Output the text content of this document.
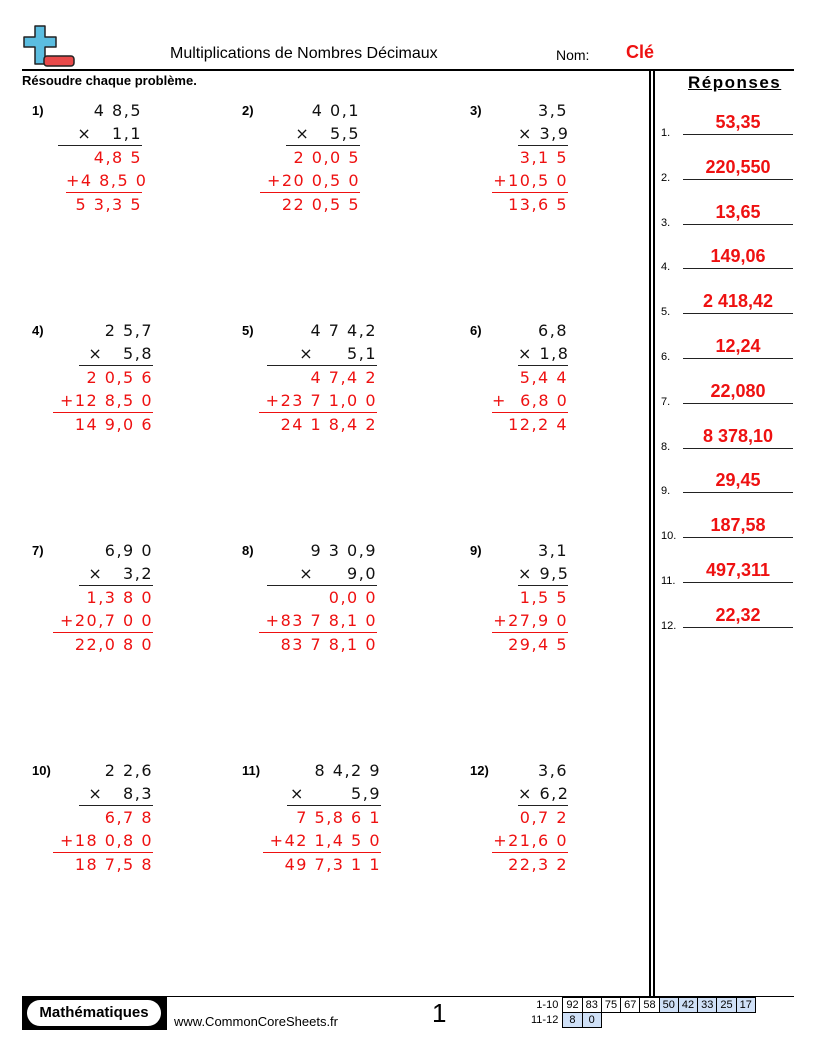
Multiplications de Nombres Décimaux	Nom: Clé
Résoudre chaque problème.	Réponses
1)	4 8,5
×   1,1
4,8 5
+4 8,5 0
5 3,3 5
2)	4 0,1
×   5,5
2 0,0 5
+20 0,5 0
22 0,5 5
3)	3,5
× 3,9
3,1 5
+10,5 0
13,6 5
4)	2 5,7
×   5,8
2 0,5 6
+12 8,5 0
14 9,0 6
5)	4 7 4,2
×     5,1
4 7,4 2
+23 7 1,0 0
24 1 8,4 2
6)	6,8
× 1,8
5,4 4
+  6,8 0
12,2 4
7)	6,9 0
×   3,2
1,3 8 0
+20,7 0 0
22,0 8 0
8)	9 3 0,9
×     9,0
0,0 0
+83 7 8,1 0
83 7 8,1 0
9)	3,1
× 9,5
1,5 5
+27,9 0
29,4 5
10)	2 2,6
×   8,3
6,7 8
+18 0,8 0
18 7,5 8
11)	8 4,2 9
×       5,9
7 5,8 6 1
+42 1,4 5 0
49 7,3 1 1
12)	3,6
× 6,2
0,7 2
+21,6 0
22,3 2
1.
53,35
2.
220,550
3.
13,65
4.
149,06
5.
2 418,42
6.
12,24
7.
22,080
8.
8 378,10
9.
29,45
10.
187,58
11.
497,311
12.
22,32
Mathématiques
www.CommonCoreSheets.fr	1	1-10	92	83	75	67	58	50	42	33	25	17
11-12	8	0								
